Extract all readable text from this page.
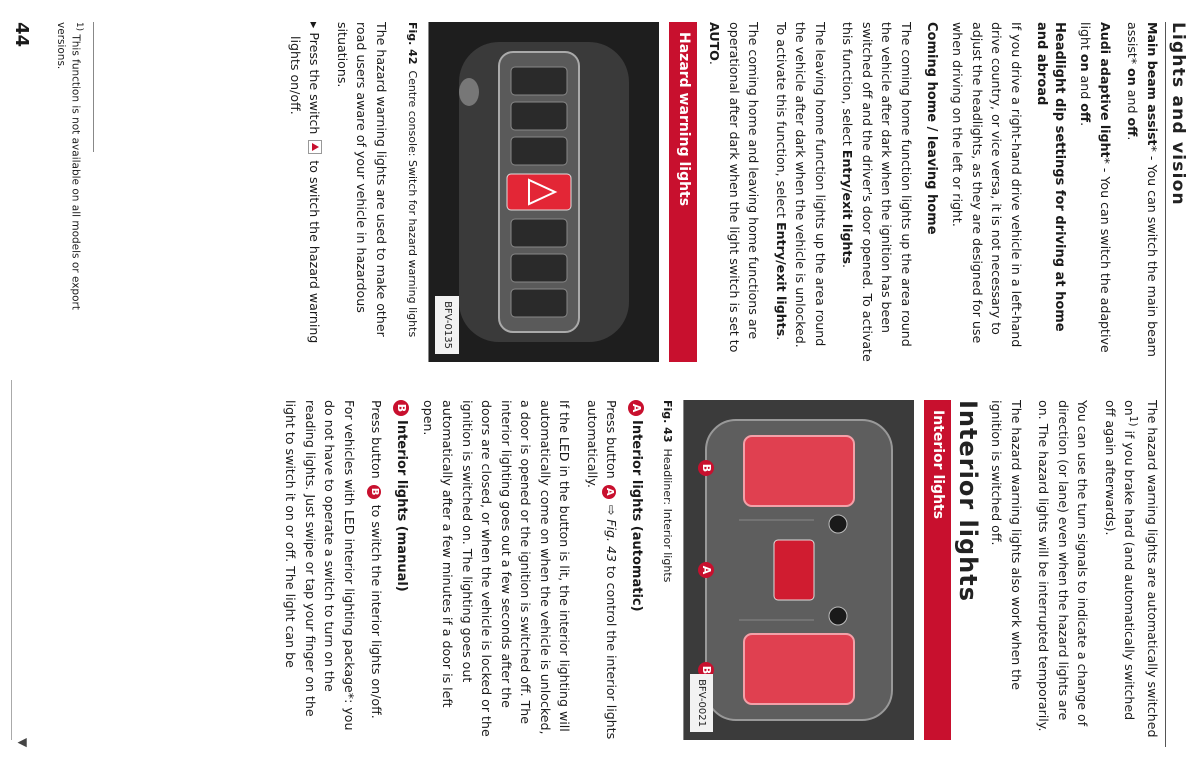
Lights and vision

Main beam assist* - You can switch the main beam assist* on and off.

Audi adaptive light* - You can switch the adaptive light on and off.

Headlight dip settings for driving at home and abroad

If you drive a right-hand drive vehicle in a left-hand drive country, or vice versa, it is not necessary to adjust the headlights, as they are designed for use when driving on the left or right.

Coming home / leaving home

The coming home function lights up the area round the vehicle after dark when the ignition has been switched off and the driver's door opened. To activate this function, select Entry/exit lights.

The leaving home function lights up the area round the vehicle after dark when the vehicle is unlocked. To activate this function, select Entry/exit lights.

The coming home and leaving home functions are operational after dark when the light switch is set to AUTO.

Hazard warning lights
BFV-0135
Fig. 42Centre console: Switch for hazard warning lights

The hazard warning lights are used to make other road users aware of your vehicle in hazardous situations.

▸ Press the switch  to switch the hazard warning lights on/off.

$^{1)}$ This function is not available on all models or export versions.
44

The hazard warning lights are automatically switched $on^{1)}$ if you brake hard (and automatically switched off again afterwards).

You can use the turn signals to indicate a change of direction (or lane) even when the hazard lights are on. The hazard lights will be interrupted temporarily.

The hazard warning lights also work when the ignition is switched off.

Interior lights
Interior lights
B
A
B
BFV-0021
Fig. 43Headliner: Interior lights
AInterior lights (automatic)

Press button A ⇨ Fig. 43 to control the interior lights automatically.

If the LED in the button is lit, the interior lighting will automatically come on when the vehicle is unlocked, a door is opened or the ignition is switched off. The interior lighting goes out a few seconds after the doors are closed, or when the vehicle is locked or the ignition is switched on. The lighting goes out automatically after a few minutes if a door is left open.

BInterior lights (manual)

Press button B to switch the interior lights on/off.

For vehicles with LED interior lighting package*: you do not have to operate a switch to turn on the reading lights. Just swipe or tap your finger on the light to switch it on or off. The light can be

▼
